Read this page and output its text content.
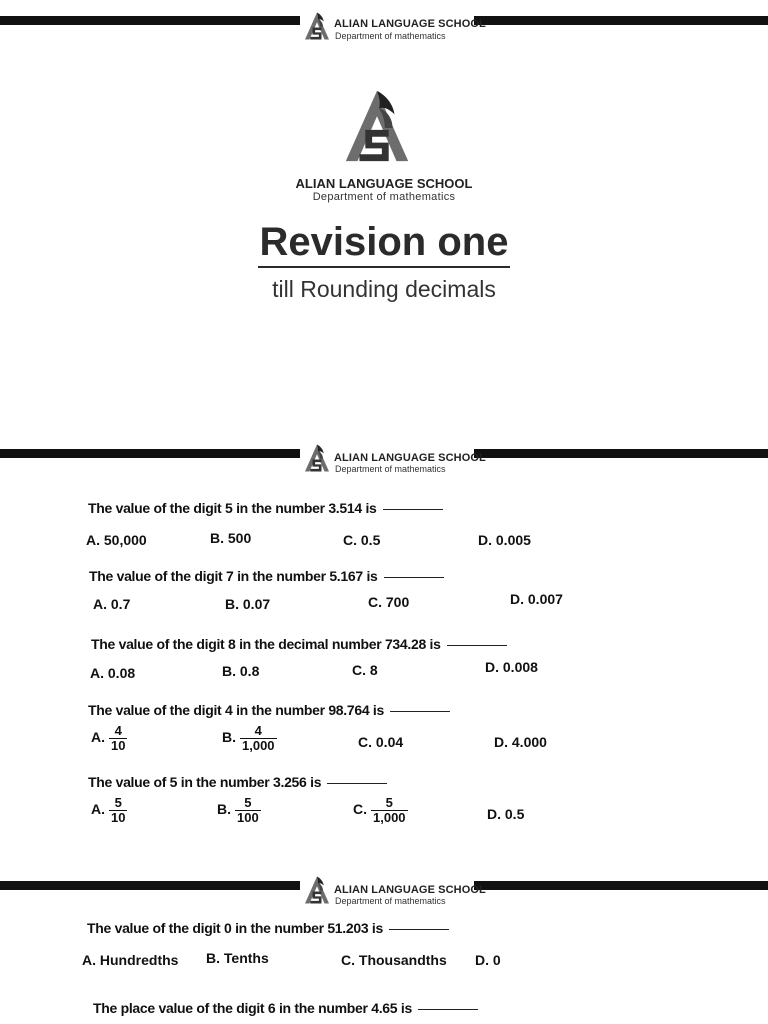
ALIAN LANGUAGE SCHOOL
Department of mathematics
ALIAN LANGUAGE SCHOOL
Department of mathematics
Revision one
till Rounding decimals
ALIAN LANGUAGE SCHOOL
Department of mathematics
The value of the digit 5 in the number 3.514 is
A. 50,000	B. 500	C. 0.5	D. 0.005
The value of the digit 7 in the number 5.167 is
A. 0.7	B. 0.07	C. 700	D. 0.007
The value of the digit 8 in the decimal number 734.28 is
A. 0.08	B. 0.8	C. 8	D. 0.008
The value of the digit 4 in the number 98.764 is
A. $\frac{4}{10}$	B. $\frac{4}{1,000}$	C. 0.04	D. 4.000
The value of 5 in the number 3.256 is
A. $\frac{5}{10}$	B. $\frac{5}{100}$	C. $\frac{5}{1,000}$	D. 0.5
ALIAN LANGUAGE SCHOOL
Department of mathematics
The value of the digit 0 in the number 51.203 is
A. Hundredths B. Tenths	C. Thousandths D. 0
The place value of the digit 6 in the number 4.65 is
